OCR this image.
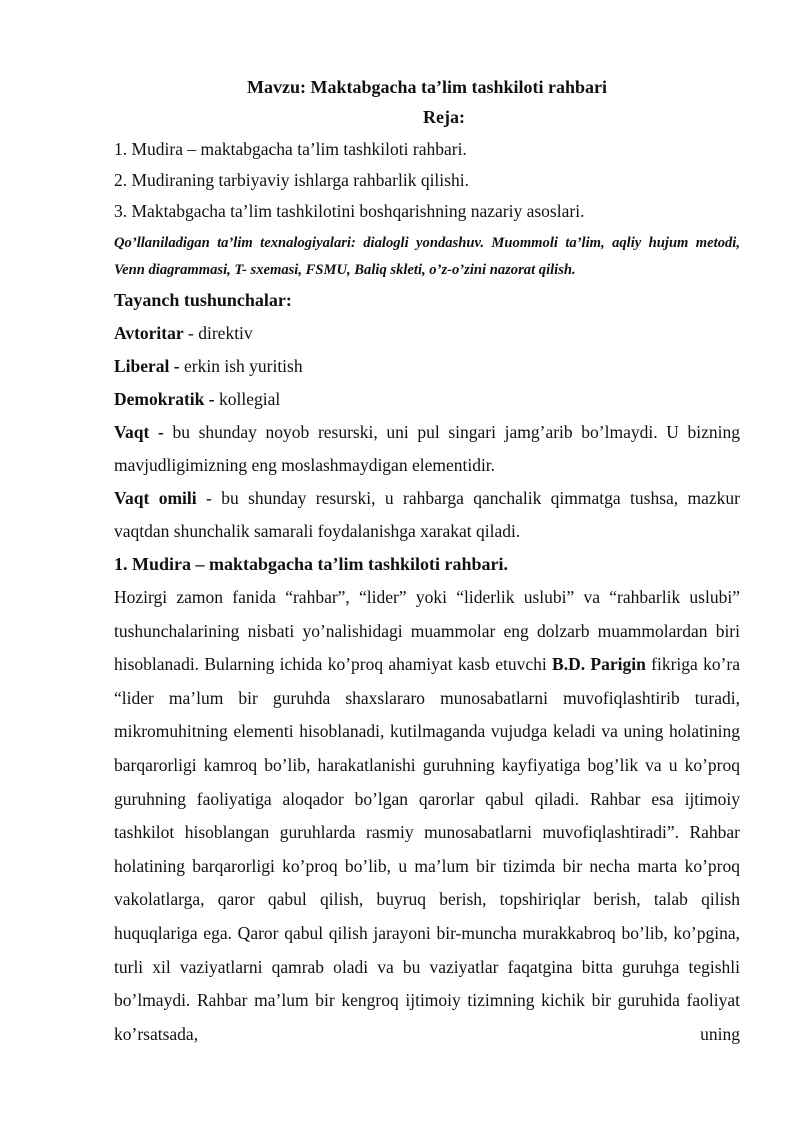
Mavzu: Maktabgacha ta’lim tashkiloti rahbari

Reja:

1. Mudira – maktabgacha ta’lim tashkiloti rahbari.

2. Mudiraning tarbiyaviy ishlarga rahbarlik qilishi.

3. Maktabgacha ta’lim tashkilotini boshqarishning nazariy asoslari.

Qo’llaniladigan ta’lim texnalogiyalari: dialogli yondashuv. Muommoli ta’lim, aqliy hujum metodi, Venn diagrammasi, T- sxemasi, FSMU, Baliq skleti, o’z-o’zini nazorat qilish.

Tayanch tushunchalar:

Avtoritar - direktiv

Liberal - erkin ish yuritish

Demokratik - kollegial

Vaqt - bu shunday noyob resurski, uni pul singari jamg’arib bo’lmaydi. U bizning mavjudligimizning eng moslashmaydigan elementidir.

Vaqt omili - bu shunday resurski, u rahbarga qanchalik qimmatga tushsa, mazkur vaqtdan shunchalik samarali foydalanishga xarakat qiladi.

1. Mudira – maktabgacha ta’lim tashkiloti rahbari.

Hozirgi zamon fanida “rahbar”, “lider” yoki “liderlik uslubi” va “rahbarlik uslubi” tushunchalarining nisbati yo’nalishidagi muammolar eng dolzarb muammolardan biri hisoblanadi. Bularning ichida ko’proq ahamiyat kasb etuvchi B.D. Parigin fikriga ko’ra “lider ma’lum bir guruhda shaxslararo munosabatlarni muvofiqlashtirib turadi, mikromuhitning elementi hisoblanadi, kutilmaganda vujudga keladi va uning holatining barqarorligi kamroq bo’lib, harakatlanishi guruhning kayfiyatiga bog’lik va u ko’proq guruhning faoliyatiga aloqador bo’lgan qarorlar qabul qiladi. Rahbar esa ijtimoiy tashkilot hisoblangan guruhlarda rasmiy munosabatlarni muvofiqlashtiradi”. Rahbar holatining barqarorligi ko’proq bo’lib, u ma’lum bir tizimda bir necha marta ko’proq vakolatlarga, qaror qabul qilish, buyruq berish, topshiriqlar berish, talab qilish huquqlariga ega. Qaror qabul qilish jarayoni bir-muncha murakkabroq bo’lib, ko’pgina, turli xil vaziyatlarni qamrab oladi va bu vaziyatlar faqatgina bitta guruhga tegishli bo’lmaydi. Rahbar ma’lum bir kengroq ijtimoiy tizimning kichik bir guruhida faoliyat ko’rsatsada, uning
